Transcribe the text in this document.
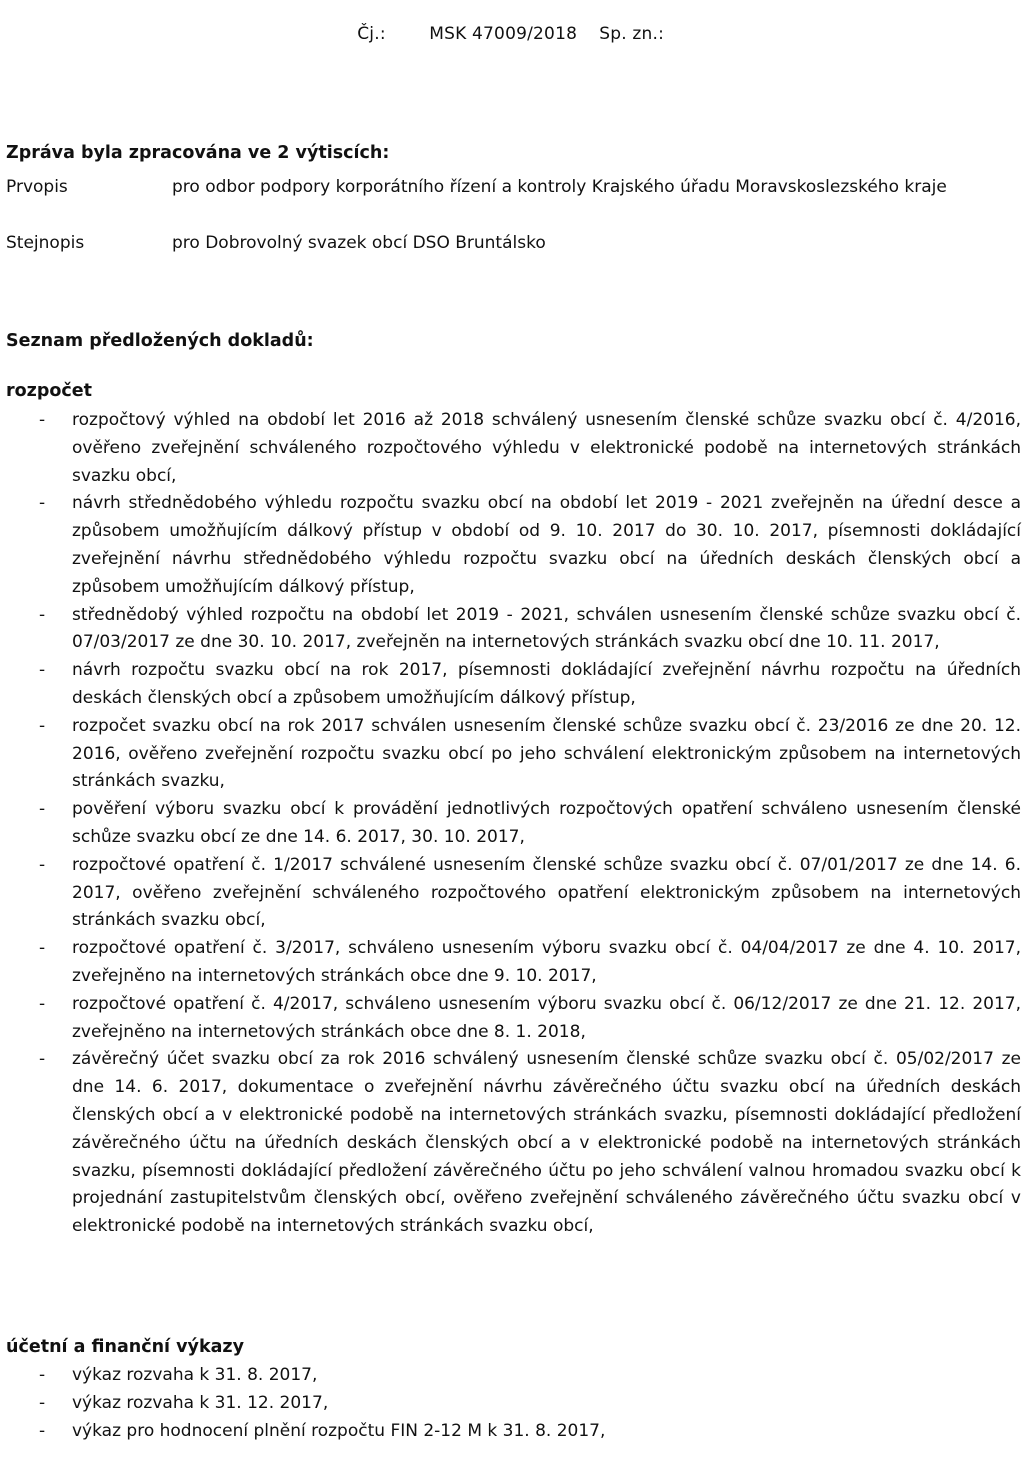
Čj.:	MSK 47009/2018 Sp. zn.:

Zpráva byla zpracována ve 2 výtiscích:
Prvopis	pro odbor podpory korporátního řízení a kontroly Krajského úřadu Moravskoslezského kraje
Stejnopis	pro Dobrovolný svazek obcí DSO Bruntálsko
Seznam předložených dokladů:
rozpočet
- rozpočtový výhled na období let 2016 až 2018 schválený usnesením členské schůze svazku obcí č. 4/2016, ověřeno zveřejnění schváleného rozpočtového výhledu v elektronické podobě na internetových stránkách svazku obcí,
- návrh střednědobého výhledu rozpočtu svazku obcí na období let 2019 - 2021 zveřejněn na úřední desce a způsobem umožňujícím dálkový přístup v období od 9. 10. 2017 do 30. 10. 2017, písemnosti dokládající zveřejnění návrhu střednědobého výhledu rozpočtu svazku obcí na úředních deskách členských obcí a způsobem umožňujícím dálkový přístup,
- střednědobý výhled rozpočtu na období let 2019 - 2021, schválen usnesením členské schůze svazku obcí č. 07/03/2017 ze dne 30. 10. 2017, zveřejněn na internetových stránkách svazku obcí dne 10. 11. 2017,
- návrh rozpočtu svazku obcí na rok 2017, písemnosti dokládající zveřejnění návrhu rozpočtu na úředních deskách členských obcí a způsobem umožňujícím dálkový přístup,
- rozpočet svazku obcí na rok 2017 schválen usnesením členské schůze svazku obcí č. 23/2016 ze dne 20. 12. 2016, ověřeno zveřejnění rozpočtu svazku obcí po jeho schválení elektronickým způsobem na internetových stránkách svazku,
- pověření výboru svazku obcí k provádění jednotlivých rozpočtových opatření schváleno usnesením členské schůze svazku obcí ze dne 14. 6. 2017, 30. 10. 2017,
- rozpočtové opatření č. 1/2017 schválené usnesením členské schůze svazku obcí č. 07/01/2017 ze dne 14. 6. 2017, ověřeno zveřejnění schváleného rozpočtového opatření elektronickým způsobem na internetových stránkách svazku obcí,
- rozpočtové opatření č. 3/2017, schváleno usnesením výboru svazku obcí č. 04/04/2017 ze dne 4. 10. 2017, zveřejněno na internetových stránkách obce dne 9. 10. 2017,
- rozpočtové opatření č. 4/2017, schváleno usnesením výboru svazku obcí č. 06/12/2017 ze dne 21. 12. 2017, zveřejněno na internetových stránkách obce dne 8. 1. 2018,
- závěrečný účet svazku obcí za rok 2016 schválený usnesením členské schůze svazku obcí č. 05/02/2017 ze dne 14. 6. 2017, dokumentace o zveřejnění návrhu závěrečného účtu svazku obcí na úředních deskách členských obcí a v elektronické podobě na internetových stránkách svazku, písemnosti dokládající předložení závěrečného účtu na úředních deskách členských obcí a v elektronické podobě na internetových stránkách svazku, písemnosti dokládající předložení závěrečného účtu po jeho schválení valnou hromadou svazku obcí k projednání zastupitelstvům členských obcí, ověřeno zveřejnění schváleného závěrečného účtu svazku obcí v elektronické podobě na internetových stránkách svazku obcí,
účetní a finanční výkazy
- výkaz rozvaha k 31. 8. 2017,
- výkaz rozvaha k 31. 12. 2017,
- výkaz pro hodnocení plnění rozpočtu FIN 2-12 M k 31. 8. 2017,
